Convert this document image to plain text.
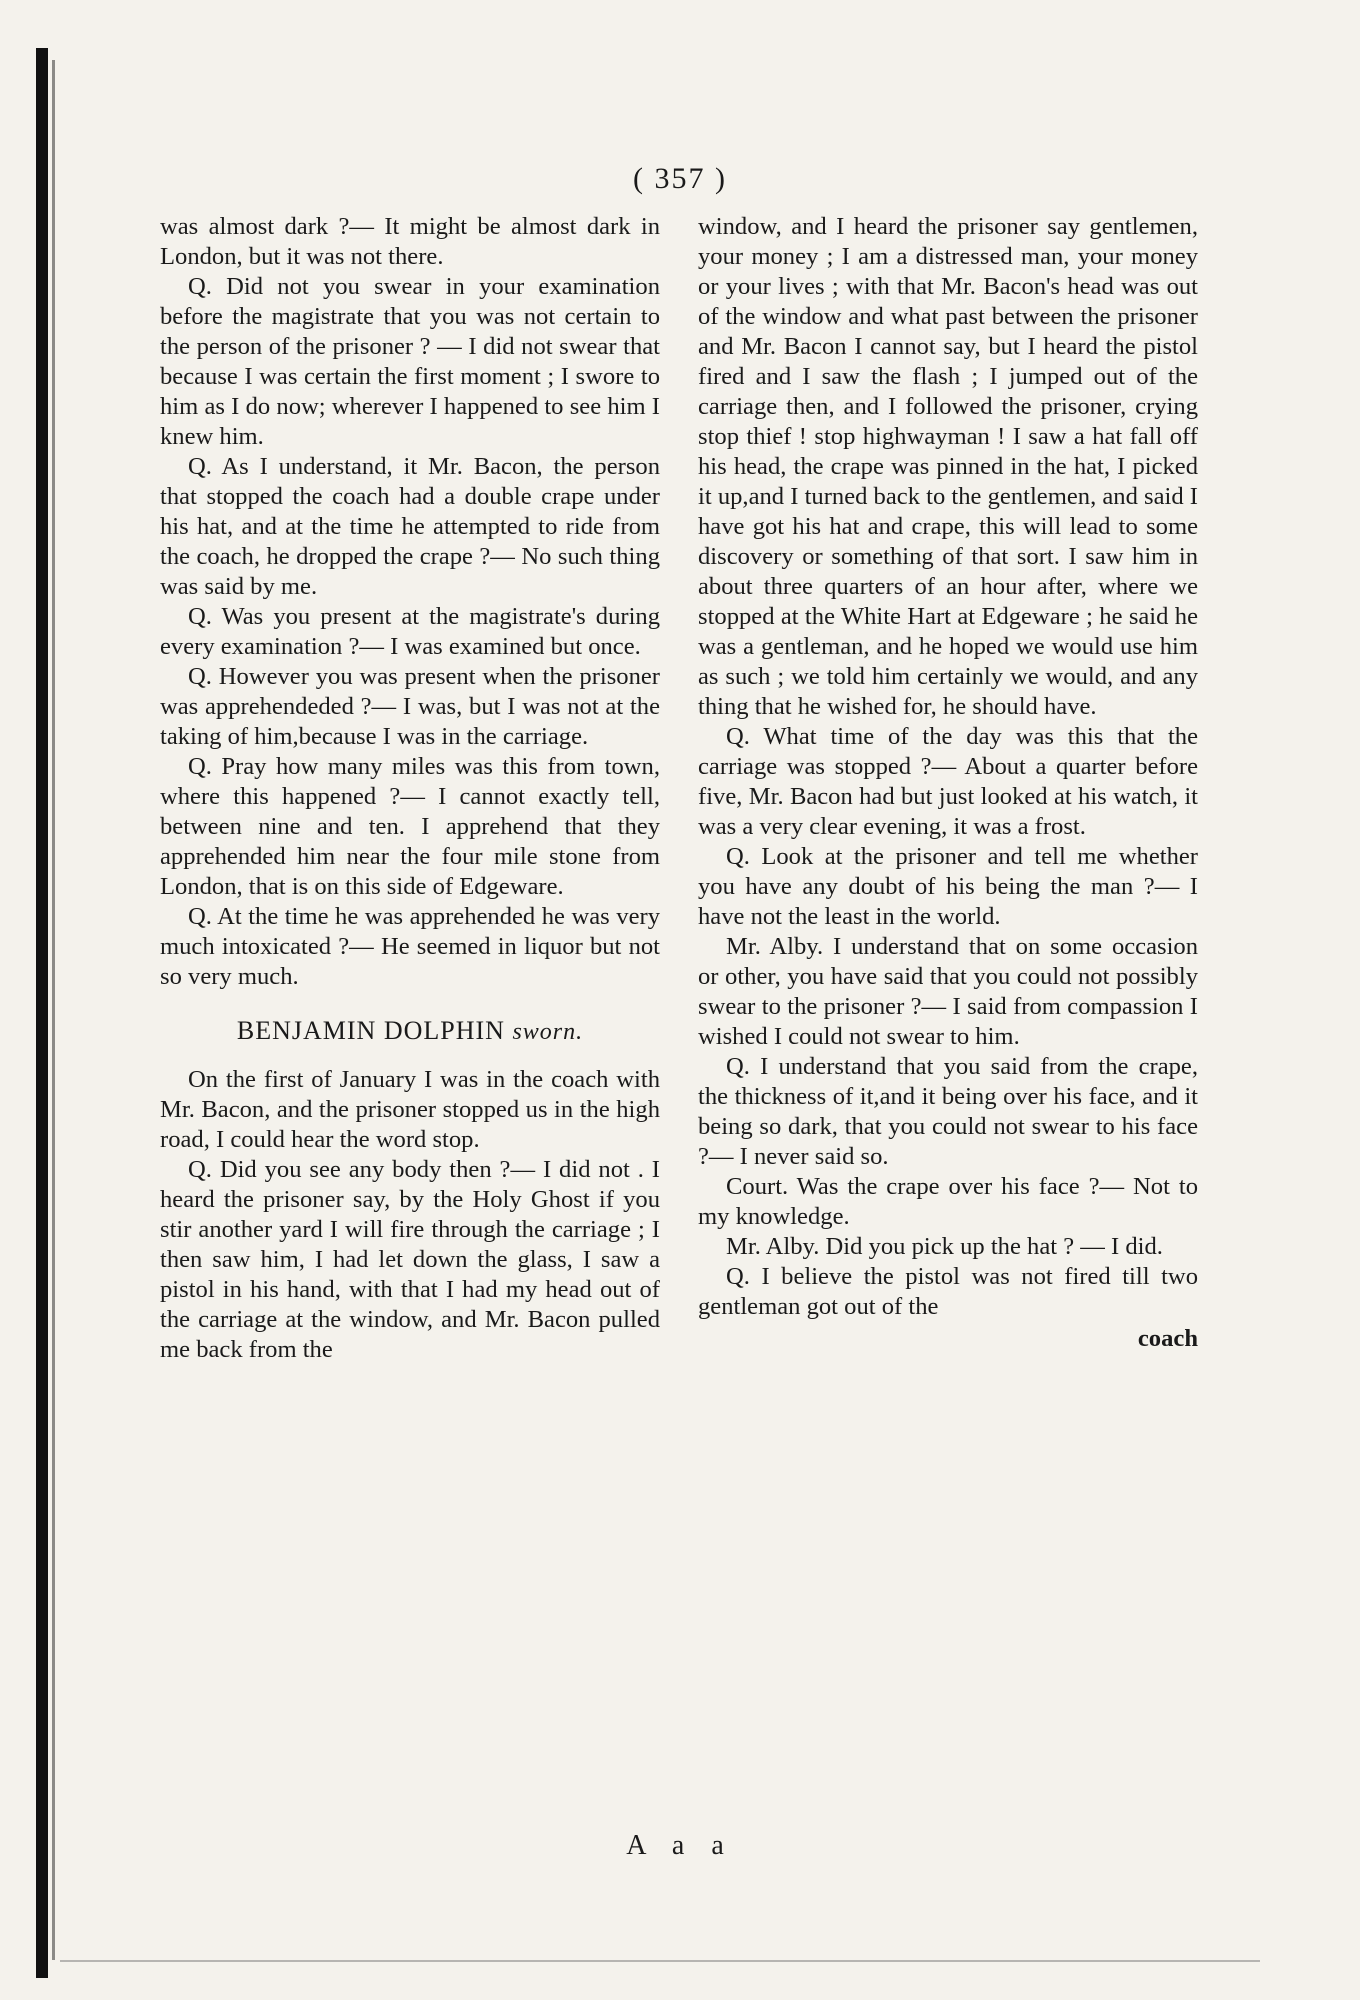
( 357 )

was almost dark ?— It might be almost dark in London, but it was not there.

Q. Did not you swear in your examination before the magistrate that you was not certain to the person of the prisoner ? — I did not swear that because I was certain the first moment ; I swore to him as I do now; wherever I happened to see him I knew him.

Q. As I understand, it Mr. Bacon, the person that stopped the coach had a double crape under his hat, and at the time he attempted to ride from the coach, he dropped the crape ?— No such thing was said by me.

Q. Was you present at the magistrate's during every examination ?— I was examined but once.

Q. However you was present when the prisoner was apprehendeded ?— I was, but I was not at the taking of him,because I was in the carriage.

Q. Pray how many miles was this from town, where this happened ?— I cannot exactly tell, between nine and ten. I apprehend that they apprehended him near the four mile stone from London, that is on this side of Edgeware.

Q. At the time he was apprehended he was very much intoxicated ?— He seemed in liquor but not so very much.

BENJAMIN DOLPHIN sworn.

On the first of January I was in the coach with Mr. Bacon, and the prisoner stopped us in the high road, I could hear the word stop.

Q. Did you see any body then ?— I did not . I heard the prisoner say, by the Holy Ghost if you stir another yard I will fire through the carriage ; I then saw him, I had let down the glass, I saw a pistol in his hand, with that I had my head out of the carriage at the window, and Mr. Bacon pulled me back from the

window, and I heard the prisoner say gentlemen, your money ; I am a distressed man, your money or your lives ; with that Mr. Bacon's head was out of the window and what past between the prisoner and Mr. Bacon I cannot say, but I heard the pistol fired and I saw the flash ; I jumped out of the carriage then, and I followed the prisoner, crying stop thief ! stop highwayman ! I saw a hat fall off his head, the crape was pinned in the hat, I picked it up,and I turned back to the gentlemen, and said I have got his hat and crape, this will lead to some discovery or something of that sort. I saw him in about three quarters of an hour after, where we stopped at the White Hart at Edgeware ; he said he was a gentleman, and he hoped we would use him as such ; we told him certainly we would, and any thing that he wished for, he should have.

Q. What time of the day was this that the carriage was stopped ?— About a quarter before five, Mr. Bacon had but just looked at his watch, it was a very clear evening, it was a frost.

Q. Look at the prisoner and tell me whether you have any doubt of his being the man ?— I have not the least in the world.

Mr. Alby. I understand that on some occasion or other, you have said that you could not possibly swear to the prisoner ?— I said from compassion I wished I could not swear to him.

Q. I understand that you said from the crape, the thickness of it,and it being over his face, and it being so dark, that you could not swear to his face ?— I never said so.

Court. Was the crape over his face ?— Not to my knowledge.

Mr. Alby. Did you pick up the hat ? — I did.

Q. I believe the pistol was not fired till two gentleman got out of the

coach
A a a
